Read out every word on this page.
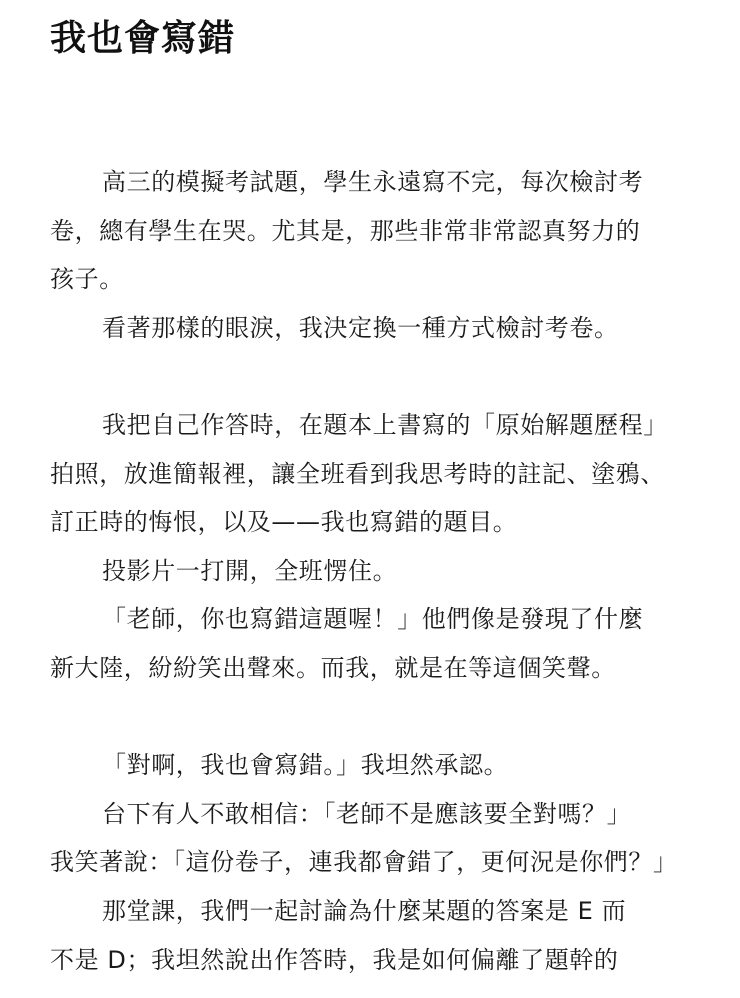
我也會寫錯
高三的模擬考試題，學生永遠寫不完，每次檢討考
卷，總有學生在哭。尤其是，那些非常非常認真努力的
孩子。
看著那樣的眼淚，我決定換一種方式檢討考卷。
我把自己作答時，在題本上書寫的「原始解題歷程」
拍照，放進簡報裡，讓全班看到我思考時的註記、塗鴉、
訂正時的悔恨，以及——我也寫錯的題目。
投影片一打開，全班愣住。
「老師，你也寫錯這題喔！」他們像是發現了什麼
新大陸，紛紛笑出聲來。而我，就是在等這個笑聲。
「對啊，我也會寫錯。」我坦然承認。
台下有人不敢相信：「老師不是應該要全對嗎？」
我笑著說：「這份卷子，連我都會錯了，更何況是你們？」
那堂課，我們一起討論為什麼某題的答案是 E 而
不是 D；我坦然說出作答時，我是如何偏離了題幹的
